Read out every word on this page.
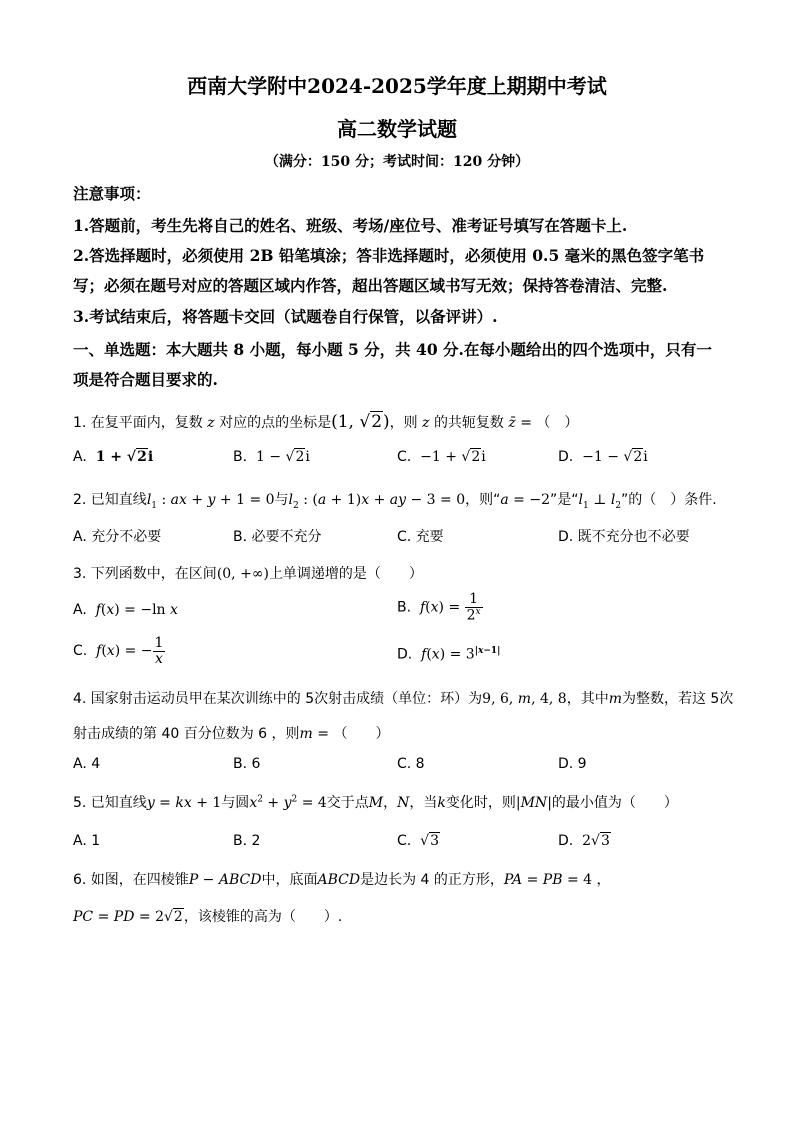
西南大学附中2024-2025学年度上期期中考试
高二数学试题
（满分：150 分；考试时间：120 分钟）
注意事项：
1.答题前，考生先将自己的姓名、班级、考场/座位号、准考证号填写在答题卡上.
2.答选择题时，必须使用 2B 铅笔填涂；答非选择题时，必须使用 0.5 毫米的黑色签字笔书
写；必须在题号对应的答题区域内作答，超出答题区域书写无效；保持答卷清洁、完整.
3.考试结束后，将答题卡交回（试题卷自行保管，以备评讲）.
一、单选题：本大题共 8 小题，每小题 5 分，共 40 分.在每小题给出的四个选项中，只有一
项是符合题目要求的.
1. 在复平面内，复数 z 对应的点的坐标是(1, √2)，则 z 的共轭复数 z̄ = （　）
A. 1 + √2i	B. 1 − √2i	C. −1 + √2i	D. −1 − √2i
2. 已知直线$l_1$ : ax + y + 1 = 0与$l_2$ : (a + 1)x + ay − 3 = 0，则“a = −2”是“$l_1$ ⊥ $l_2$”的（　）条件.
A. 充分不必要	B. 必要不充分	C. 充要	D. 既不充分也不必要
3. 下列函数中，在区间(0, +∞)上单调递增的是（　　）
A. f(x) = −ln x	B. $f(x) = \frac{1}{2^x}$
C. f(x) = − $\frac{1}{x}$	D. $f(x) = 3^{|x-1|}$
4. 国家射击运动员甲在某次训练中的 5次射击成绩（单位：环）为9, 6, m, 4, 8，其中m为整数，若这 5次
射击成绩的第 40 百分位数为 6 ，则m = （　　）
A. 4	B. 6	C. 8	D. 9
5. 已知直线y = kx + 1与圆$x^2 + y^2 = 4$交于点M，N，当k变化时，则|MN|的最小值为（　　）
A. 1	B. 2	C. √3	D. 2√3
6. 如图，在四棱锥P − ABCD中，底面ABCD是边长为 4 的正方形，PA = PB = 4 ，
PC = PD = 2√2，该棱锥的高为（　　）.
